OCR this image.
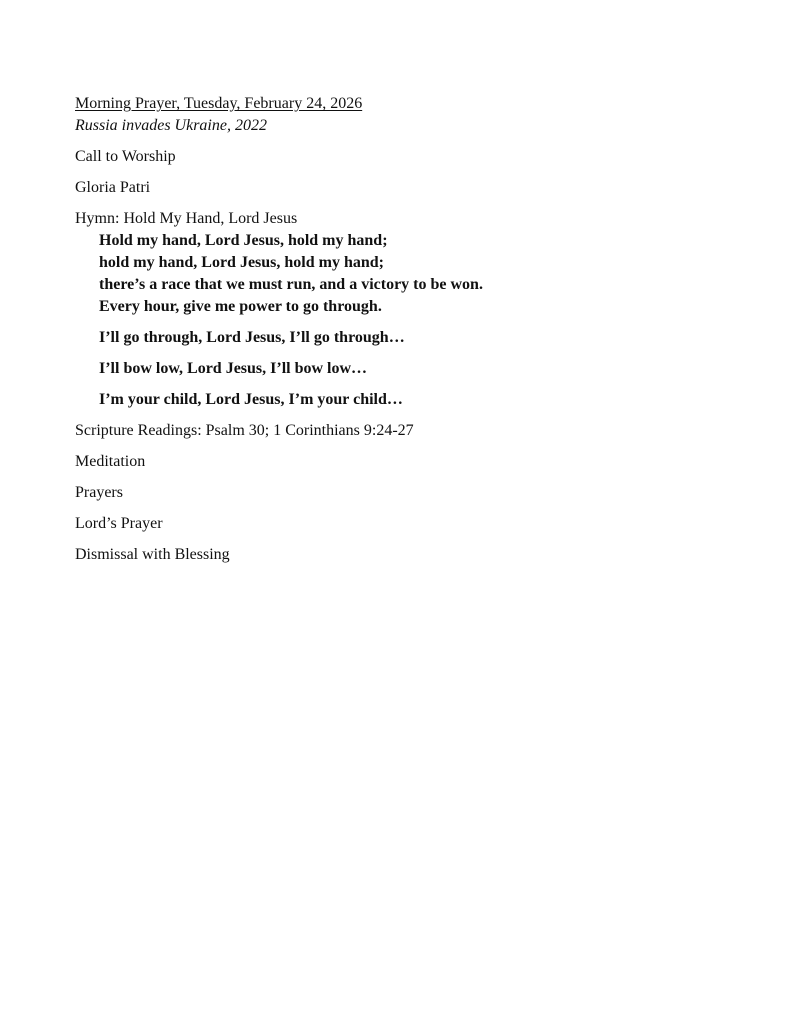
Morning Prayer, Tuesday, February 24, 2026
Russia invades Ukraine, 2022
Call to Worship
Gloria Patri
Hymn: Hold My Hand, Lord Jesus
Hold my hand, Lord Jesus, hold my hand;
hold my hand, Lord Jesus, hold my hand;
there’s a race that we must run, and a victory to be won.
Every hour, give me power to go through.
I’ll go through, Lord Jesus, I’ll go through…
I’ll bow low, Lord Jesus, I’ll bow low…
I’m your child, Lord Jesus, I’m your child…
Scripture Readings: Psalm 30; 1 Corinthians 9:24-27
Meditation
Prayers
Lord’s Prayer
Dismissal with Blessing
